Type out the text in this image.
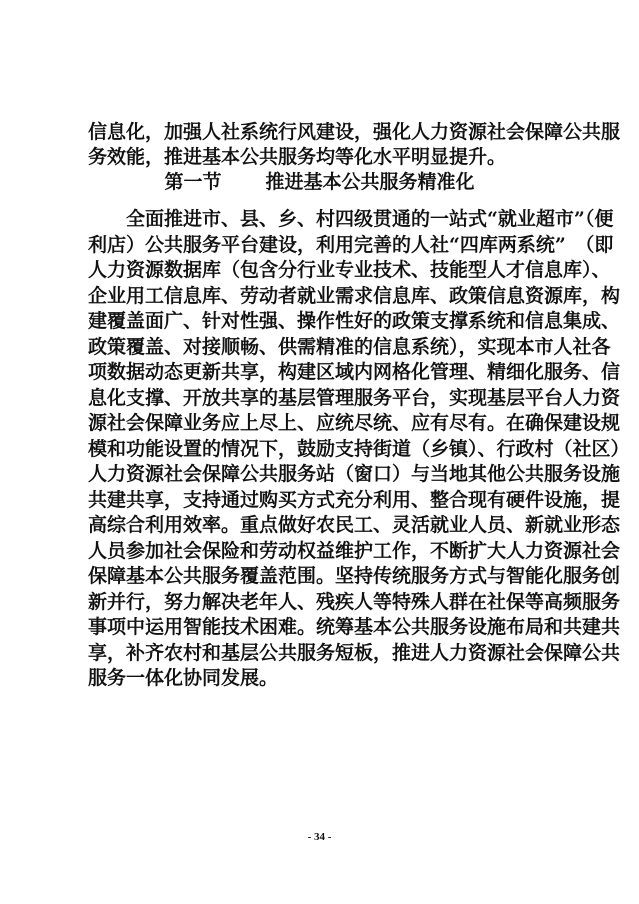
信息化，加强人社系统行风建设，强化人力资源社会保障公共服
务效能，推进基本公共服务均等化水平明显提升。
第一节 推进基本公共服务精准化
　　全面推进市、县、乡、村四级贯通的一站式“就业超市”（便
利店）公共服务平台建设，利用完善的人社“四库两系统”　（即
人力资源数据库（包含分行业专业技术、技能型人才信息库）、
企业用工信息库、劳动者就业需求信息库、政策信息资源库，构
建覆盖面广、针对性强、操作性好的政策支撑系统和信息集成、
政策覆盖、对接顺畅、供需精准的信息系统），实现本市人社各
项数据动态更新共享，构建区域内网格化管理、精细化服务、信
息化支撑、开放共享的基层管理服务平台，实现基层平台人力资
源社会保障业务应上尽上、应统尽统、应有尽有。在确保建设规
模和功能设置的情况下，鼓励支持街道（乡镇）、行政村（社区）
人力资源社会保障公共服务站（窗口）与当地其他公共服务设施
共建共享，支持通过购买方式充分利用、整合现有硬件设施，提
高综合利用效率。重点做好农民工、灵活就业人员、新就业形态
人员参加社会保险和劳动权益维护工作，不断扩大人力资源社会
保障基本公共服务覆盖范围。坚持传统服务方式与智能化服务创
新并行，努力解决老年人、残疾人等特殊人群在社保等高频服务
事项中运用智能技术困难。统筹基本公共服务设施布局和共建共
享，补齐农村和基层公共服务短板，推进人力资源社会保障公共
服务一体化协同发展。
- 34 -
